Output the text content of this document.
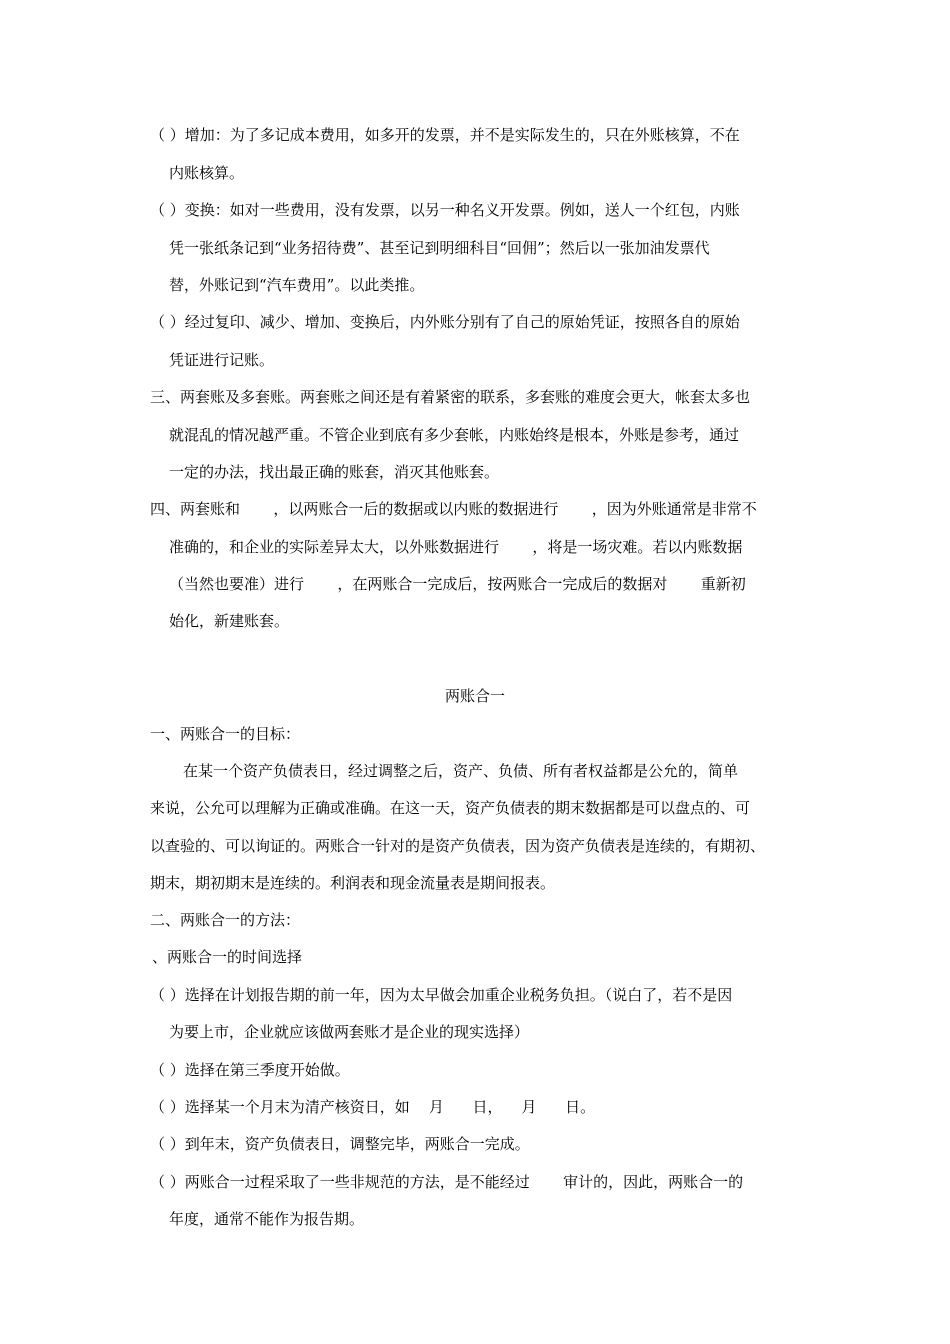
（ ）增加：为了多记成本费用，如多开的发票，并不是实际发生的，只在外账核算，不在
内账核算。
（ ）变换：如对一些费用，没有发票，以另一种名义开发票。例如，送人一个红包，内账
凭一张纸条记到“业务招待费”、甚至记到明细科目“回佣”；然后以一张加油发票代
替，外账记到“汽车费用”。以此类推。
（ ）经过复印、减少、增加、变换后，内外账分别有了自己的原始凭证，按照各自的原始
凭证进行记账。
三、两套账及多套账。两套账之间还是有着紧密的联系，多套账的难度会更大，帐套太多也
就混乱的情况越严重。不管企业到底有多少套帐，内账始终是根本，外账是参考，通过
一定的办法，找出最正确的账套，消灭其他账套。
四、两套账和       ，以两账合一后的数据或以内账的数据进行       ，因为外账通常是非常不
准确的，和企业的实际差异太大，以外账数据进行       ，将是一场灾难。若以内账数据
（当然也要准）进行       ，在两账合一完成后，按两账合一完成后的数据对       重新初
始化，新建账套。
两账合一
一、两账合一的目标：
在某一个资产负债表日，经过调整之后，资产、负债、所有者权益都是公允的，简单
来说，公允可以理解为正确或准确。在这一天，资产负债表的期末数据都是可以盘点的、可
以查验的、可以询证的。两账合一针对的是资产负债表，因为资产负债表是连续的，有期初、
期末，期初期末是连续的。利润表和现金流量表是期间报表。
二、两账合一的方法：
、两账合一的时间选择
（ ）选择在计划报告期的前一年，因为太早做会加重企业税务负担。（说白了，若不是因
为要上市，企业就应该做两套账才是企业的现实选择）
（ ）选择在第三季度开始做。
（ ）选择某一个月末为清产核资日，如    月      日，    月      日。
（ ）到年末，资产负债表日，调整完毕，两账合一完成。
（ ）两账合一过程采取了一些非规范的方法，是不能经过       审计的，因此，两账合一的
年度，通常不能作为报告期。
